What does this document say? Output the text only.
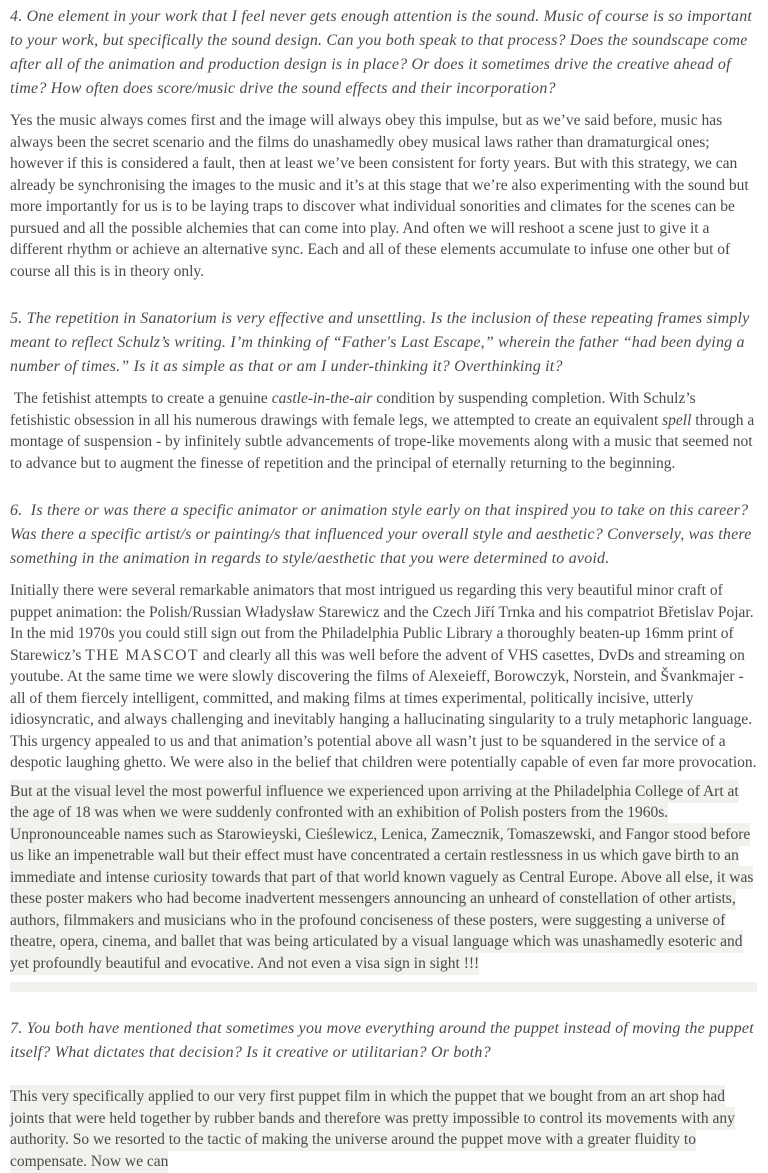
4. One element in your work that I feel never gets enough attention is the sound. Music of course is so important to your work, but specifically the sound design. Can you both speak to that process? Does the soundscape come after all of the animation and production design is in place? Or does it sometimes drive the creative ahead of time? How often does score/music drive the sound effects and their incorporation?

Yes the music always comes first and the image will always obey this impulse, but as we’ve said before, music has always been the secret scenario and the films do unashamedly obey musical laws rather than dramaturgical ones; however if this is considered a fault, then at least we’ve been consistent for forty years. But with this strategy, we can already be synchronising the images to the music and it’s at this stage that we’re also experimenting with the sound but more importantly for us is to be laying traps to discover what individual sonorities and climates for the scenes can be pursued and all the possible alchemies that can come into play. And often we will reshoot a scene just to give it a different rhythm or achieve an alternative sync. Each and all of these elements accumulate to infuse one other but of course all this is in theory only.

5. The repetition in Sanatorium is very effective and unsettling. Is the inclusion of these repeating frames simply meant to reflect Schulz’s writing. I’m thinking of “Father's Last Escape,” wherein the father “had been dying a number of times.” Is it as simple as that or am I under-thinking it? Overthinking it?

The fetishist attempts to create a genuine castle-in-the-air condition by suspending completion. With Schulz’s fetishistic obsession in all his numerous drawings with female legs, we attempted to create an equivalent spell through a montage of suspension - by infinitely subtle advancements of trope-like movements along with a music that seemed not to advance but to augment the finesse of repetition and the principal of eternally returning to the beginning.

6.  Is there or was there a specific animator or animation style early on that inspired you to take on this career? Was there a specific artist/s or painting/s that influenced your overall style and aesthetic? Conversely, was there something in the animation in regards to style/aesthetic that you were determined to avoid.

Initially there were several remarkable animators that most intrigued us regarding this very beautiful minor craft of puppet animation: the Polish/Russian Władysław Starewicz and the Czech Jiří Trnka and his compatriot Břetislav Pojar. In the mid 1970s you could still sign out from the Philadelphia Public Library a thoroughly beaten-up 16mm print of Starewicz’s THE MASCOT and clearly all this was well before the advent of VHS casettes, DvDs and streaming on youtube. At the same time we were slowly discovering the films of Alexeieff, Borowczyk, Norstein, and Švankmajer - all of them fiercely intelligent, committed, and making films at times experimental, politically incisive, utterly idiosyncratic, and always challenging and inevitably hanging a hallucinating singularity to a truly metaphoric language. This urgency appealed to us and that animation’s potential above all wasn’t just to be squandered in the service of a despotic laughing ghetto. We were also in the belief that children were potentially capable of even far more provocation.

But at the visual level the most powerful influence we experienced upon arriving at the Philadelphia College of Art at the age of 18 was when we were suddenly confronted with an exhibition of Polish posters from the 1960s. Unpronounceable names such as Starowieyski, Cieślewicz, Lenica, Zamecznik, Tomaszewski, and Fangor stood before us like an impenetrable wall but their effect must have concentrated a certain restlessness in us which gave birth to an immediate and intense curiosity towards that part of that world known vaguely as Central Europe. Above all else, it was these poster makers who had become inadvertent messengers announcing an unheard of constellation of other artists, authors, filmmakers and musicians who in the profound conciseness of these posters, were suggesting a universe of theatre, opera, cinema, and ballet that was being articulated by a visual language which was unashamedly esoteric and yet profoundly beautiful and evocative. And not even a visa sign in sight !!!

7. You both have mentioned that sometimes you move everything around the puppet instead of moving the puppet itself? What dictates that decision? Is it creative or utilitarian? Or both?

This very specifically applied to our very first puppet film in which the puppet that we bought from an art shop had joints that were held together by rubber bands and therefore was pretty impossible to control its movements with any authority. So we resorted to the tactic of making the universe around the puppet move with a greater fluidity to compensate. Now we can
